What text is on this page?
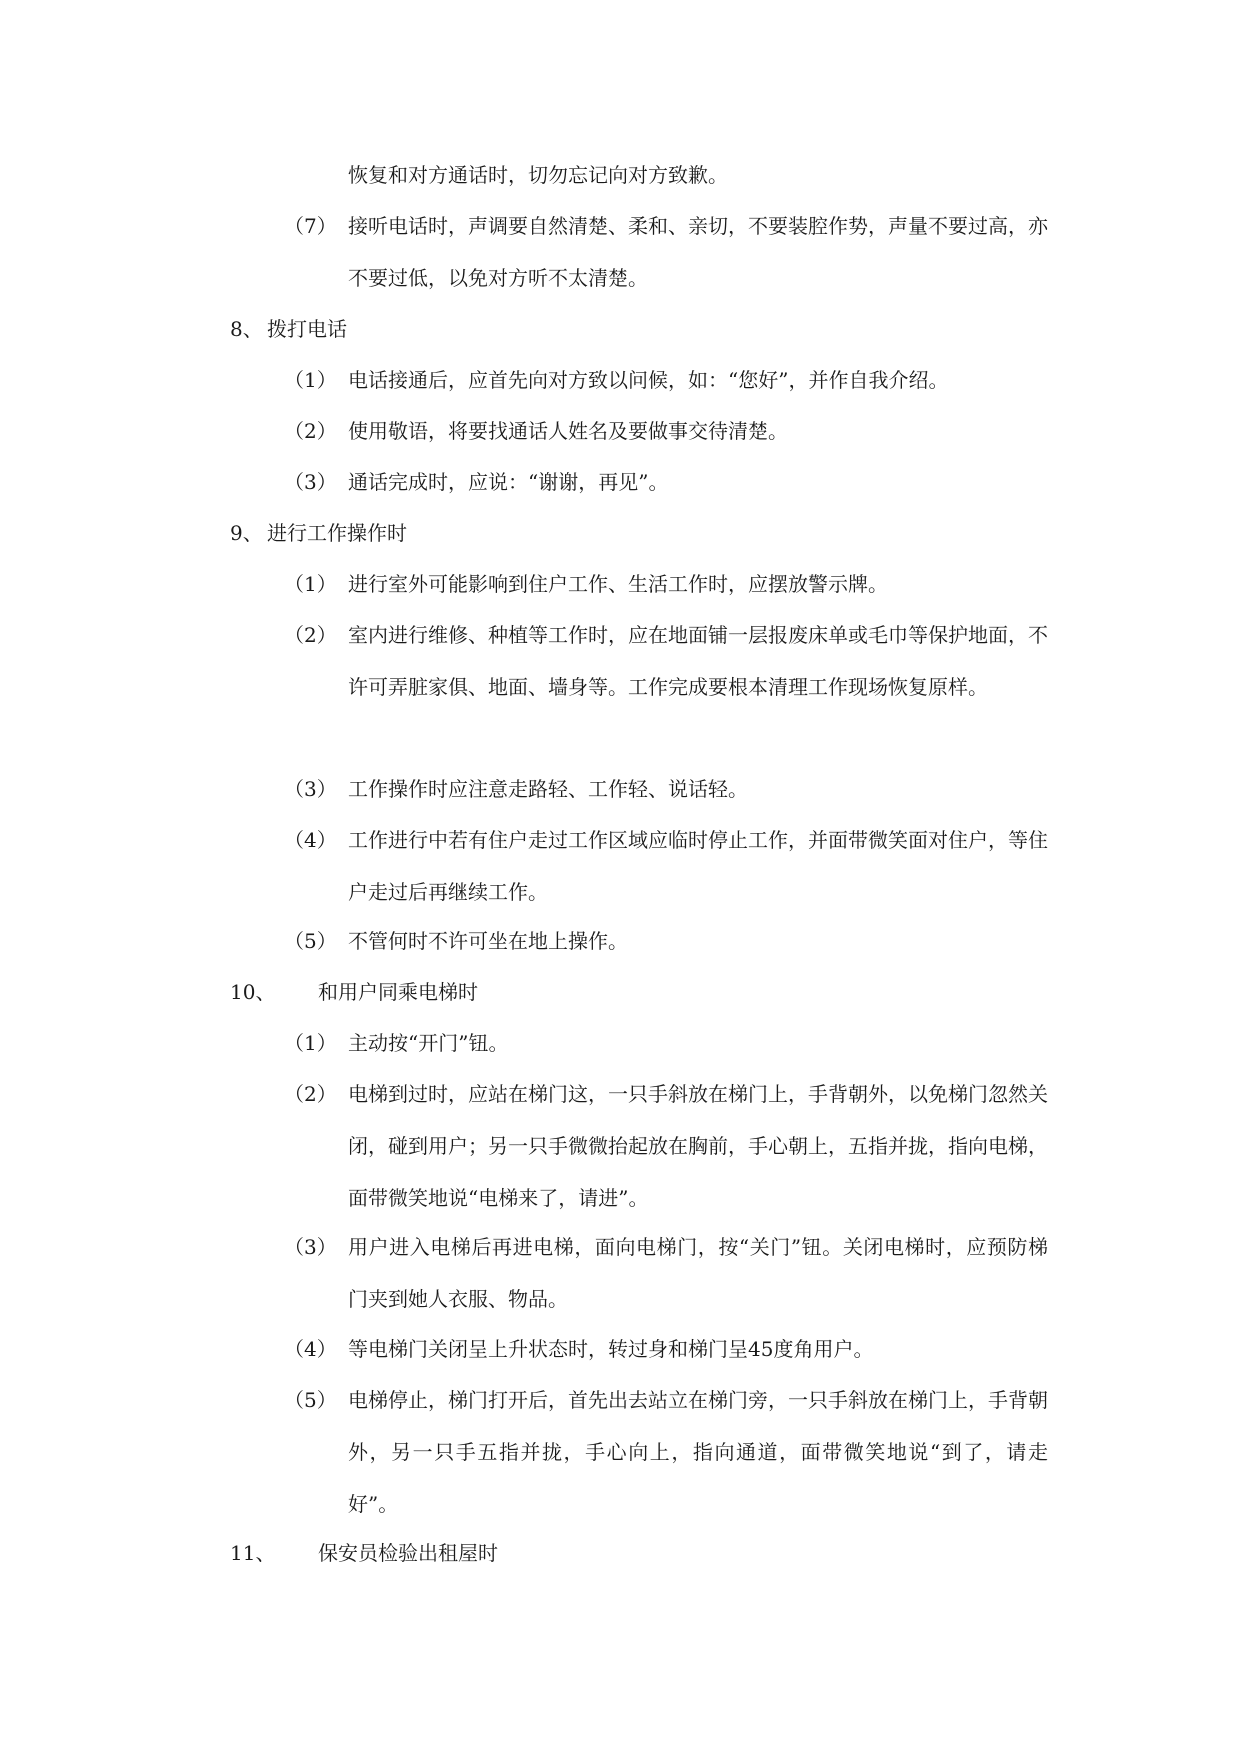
恢复和对方通话时，切勿忘记向对方致歉。
（7） 接听电话时，声调要自然清楚、柔和、亲切，不要装腔作势，声量不要过高，亦不要过低，以免对方听不太清楚。
8、 拨打电话
（1） 电话接通后，应首先向对方致以问候，如：“您好”，并作自我介绍。
（2） 使用敬语，将要找通话人姓名及要做事交待清楚。
（3） 通话完成时，应说：“谢谢，再见”。
9、 进行工作操作时
（1） 进行室外可能影响到住户工作、生活工作时，应摆放警示牌。
（2） 室内进行维修、种植等工作时，应在地面铺一层报废床单或毛巾等保护地面，不许可弄脏家俱、地面、墙身等。工作完成要根本清理工作现场恢复原样。
（3） 工作操作时应注意走路轻、工作轻、说话轻。
（4） 工作进行中若有住户走过工作区域应临时停止工作，并面带微笑面对住户，等住户走过后再继续工作。
（5） 不管何时不许可坐在地上操作。
10、 和用户同乘电梯时
（1） 主动按“开门”钮。
（2） 电梯到过时，应站在梯门这，一只手斜放在梯门上，手背朝外，以免梯门忽然关闭，碰到用户；另一只手微微抬起放在胸前，手心朝上，五指并拢，指向电梯，面带微笑地说“电梯来了，请进”。
（3） 用户进入电梯后再进电梯，面向电梯门，按“关门”钮。关闭电梯时，应预防梯门夹到她人衣服、物品。
（4） 等电梯门关闭呈上升状态时，转过身和梯门呈45度角用户。
（5） 电梯停止，梯门打开后，首先出去站立在梯门旁，一只手斜放在梯门上，手背朝外，另一只手五指并拢，手心向上，指向通道，面带微笑地说“到了，请走好”。
11、 保安员检验出租屋时
